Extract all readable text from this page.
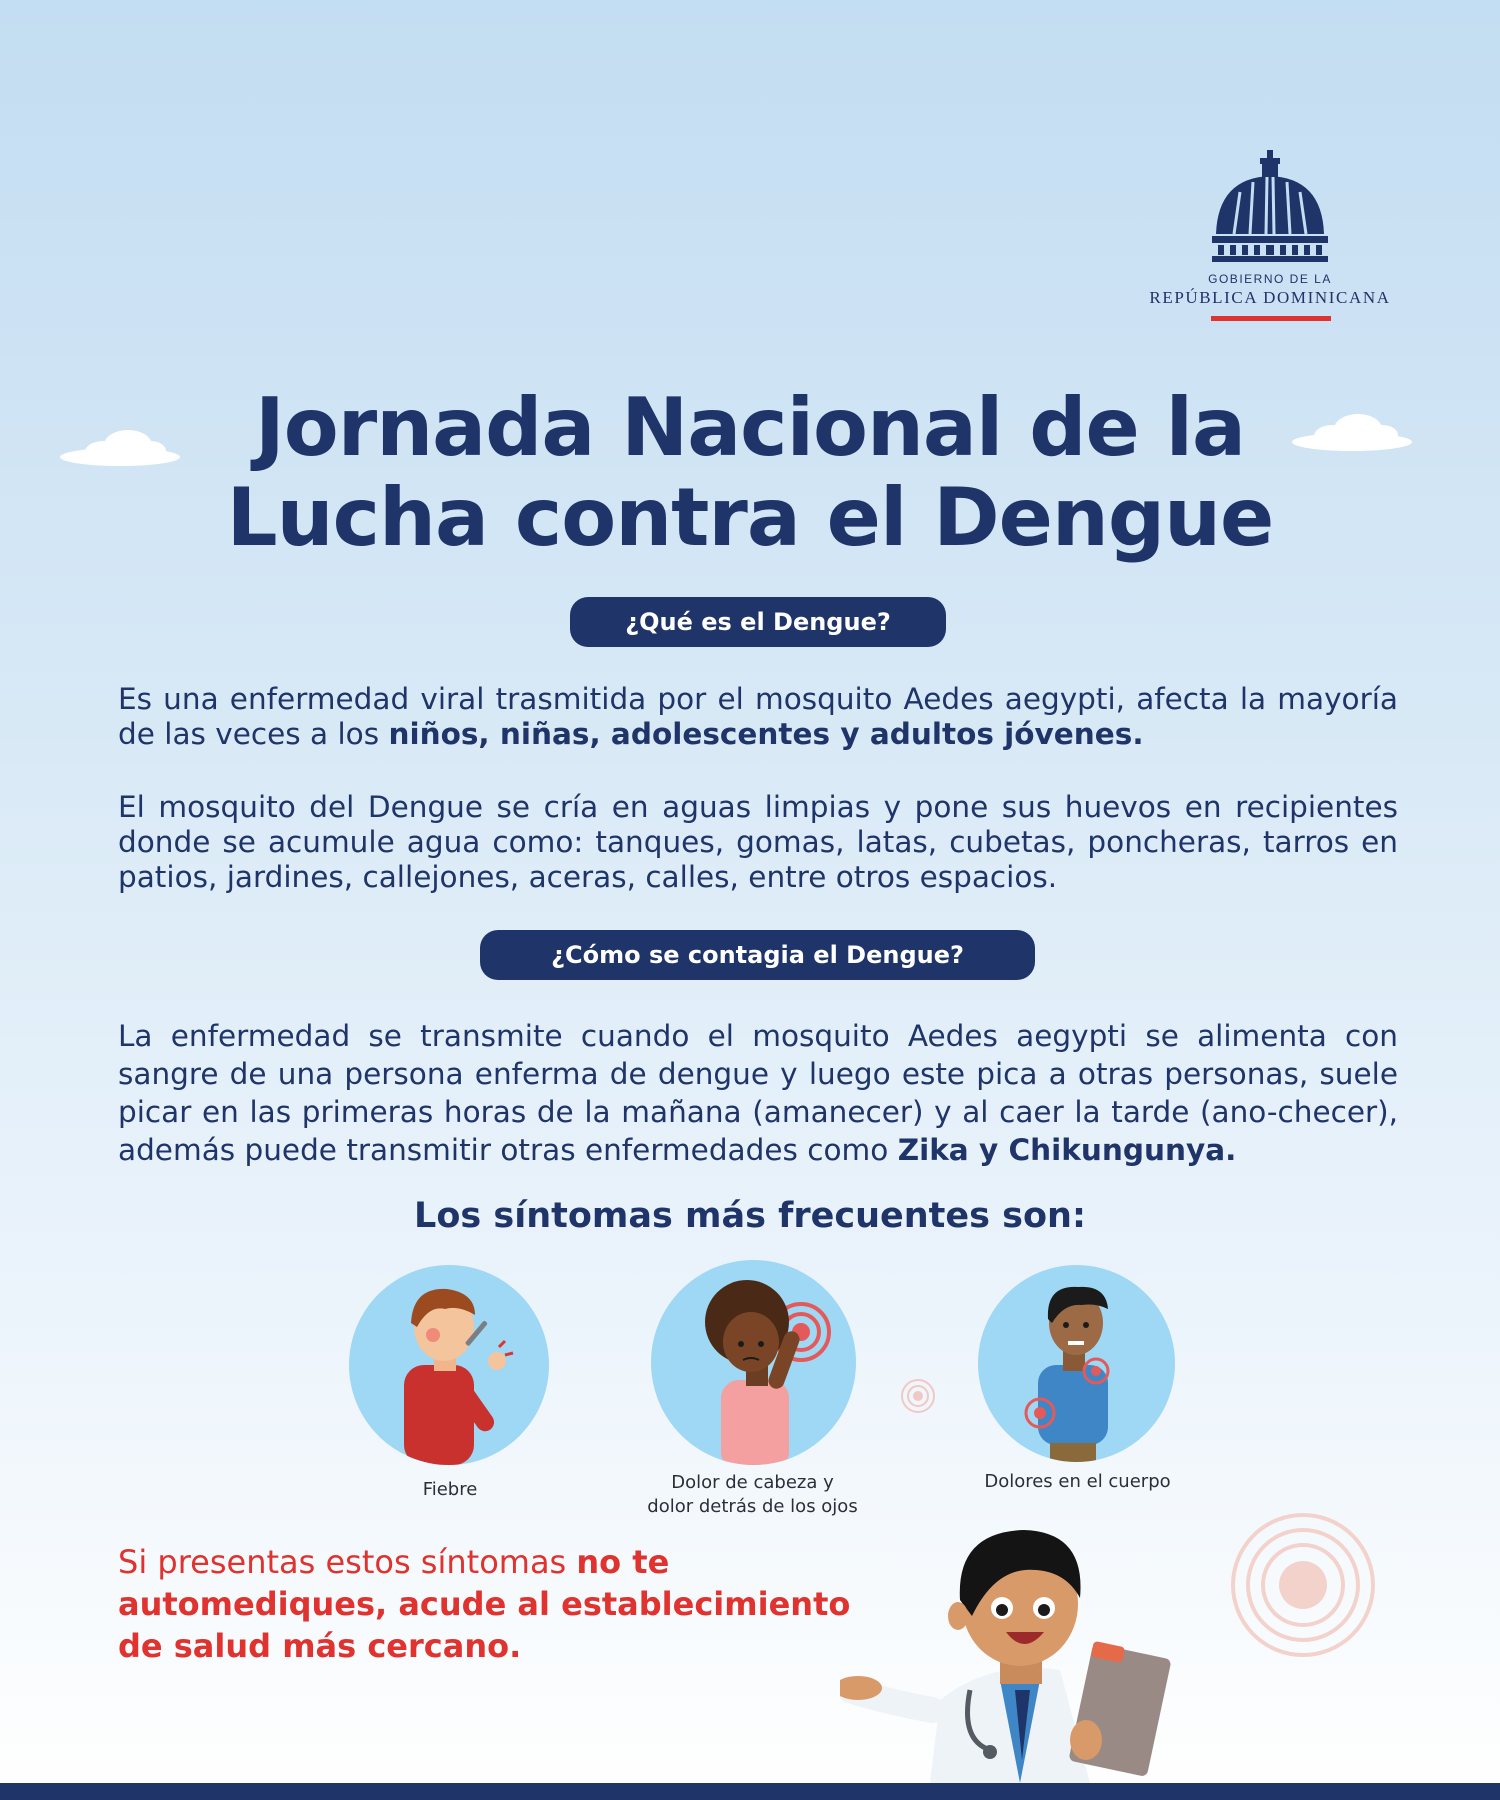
GOBIERNO DE LA
REPÚBLICA DOMINICANA
Jornada Nacional de la
Lucha contra el Dengue
¿Qué es el Dengue?
Es una enfermedad viral trasmitida por el mosquito Aedes aegypti, afecta la mayoría de las veces a los niños, niñas, adolescentes y adultos jóvenes.
El mosquito del Dengue se cría en aguas limpias y pone sus huevos en recipientes donde se acumule agua como: tanques, gomas, latas, cubetas, poncheras, tarros en patios, jardines, callejones, aceras, calles, entre otros espacios.
¿Cómo se contagia el Dengue?
La enfermedad se transmite cuando el mosquito Aedes aegypti se alimenta con sangre de una persona enferma de dengue y luego este pica a otras personas, suele picar en las primeras horas de la mañana (amanecer) y al caer la tarde (ano-checer), además puede transmitir otras enfermedades como Zika y Chikungunya.
Los síntomas más frecuentes son:
Fiebre	Dolor de cabeza y
dolor detrás de los ojos
Dolores en el cuerpo
Si presentas estos síntomas no te automediques, acude al establecimiento de salud más cercano.
